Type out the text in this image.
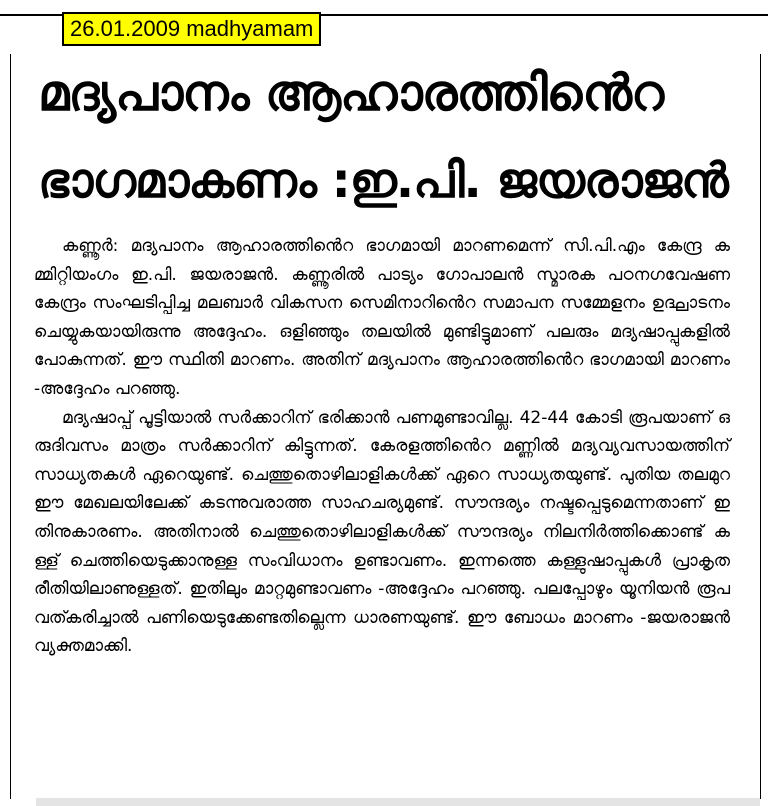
26.01.2009 madhyamam
മദ്യപാനം ആഹാരത്തിൻെറ
ഭാഗമാകണം :ഇ.പി. ജയരാജൻ

കണ്ണൂർ: മദ്യപാനം ആഹാരത്തിൻെറ ഭാഗമായി മാറണമെന്ന് സി.പി.എം കേന്ദ്ര കമ്മിറ്റിയംഗം ഇ.പി. ജയരാജൻ. കണ്ണൂരിൽ പാട്യം ഗോപാലൻ സ്മാരക പഠനഗവേഷണ കേന്ദ്രം സംഘടിപ്പിച്ച മലബാർ വികസന സെമിനാറിൻെറ സമാപന സമ്മേളനം ഉദ്ഘാടനം ചെയ്യുകയായിരുന്നു അദ്ദേഹം. ഒളിഞ്ഞും തലയിൽ മുണ്ടിട്ടുമാണ് പലരും മദ്യഷാപ്പുകളിൽ പോകുന്നത്. ഈ സ്ഥിതി മാറണം. അതിന് മദ്യപാനം ആഹാരത്തിൻെറ ഭാഗമായി മാറണം -അദ്ദേഹം പറഞ്ഞു.

മദ്യഷാപ്പ് പൂട്ടിയാൽ സർക്കാറിന് ഭരിക്കാൻ പണമുണ്ടാവില്ല. 42-44 കോടി രൂപയാണ് ഒരുദിവസം മാത്രം സർക്കാറിന് കിട്ടുന്നത്. കേരളത്തിൻെറ മണ്ണിൽ മദ്യവ്യവസായത്തിന് സാധ്യതകൾ ഏറെയുണ്ട്. ചെത്തുതൊഴിലാളികൾക്ക് ഏറെ സാധ്യതയുണ്ട്. പുതിയ തലമുറ ഈ മേഖലയിലേക്ക് കടന്നുവരാത്ത സാഹചര്യമുണ്ട്. സൗന്ദര്യം നഷ്ടപ്പെടുമെന്നതാണ് ഇതിനുകാരണം. അതിനാൽ ചെത്തുതൊഴിലാളികൾക്ക് സൗന്ദര്യം നിലനിർത്തിക്കൊണ്ട് കള്ള് ചെത്തിയെടുക്കാനുള്ള സംവിധാനം ഉണ്ടാവണം. ഇന്നത്തെ കള്ളുഷാപ്പുകൾ പ്രാകൃത രീതിയിലാണുള്ളത്. ഇതിലും മാറ്റമുണ്ടാവണം -അദ്ദേഹം പറഞ്ഞു. പലപ്പോഴും യൂനിയൻ രൂപവത്കരിച്ചാൽ പണിയെടുക്കേണ്ടതില്ലെന്ന ധാരണയുണ്ട്. ഈ ബോധം മാറണം -ജയരാജൻ വ്യക്തമാക്കി.
